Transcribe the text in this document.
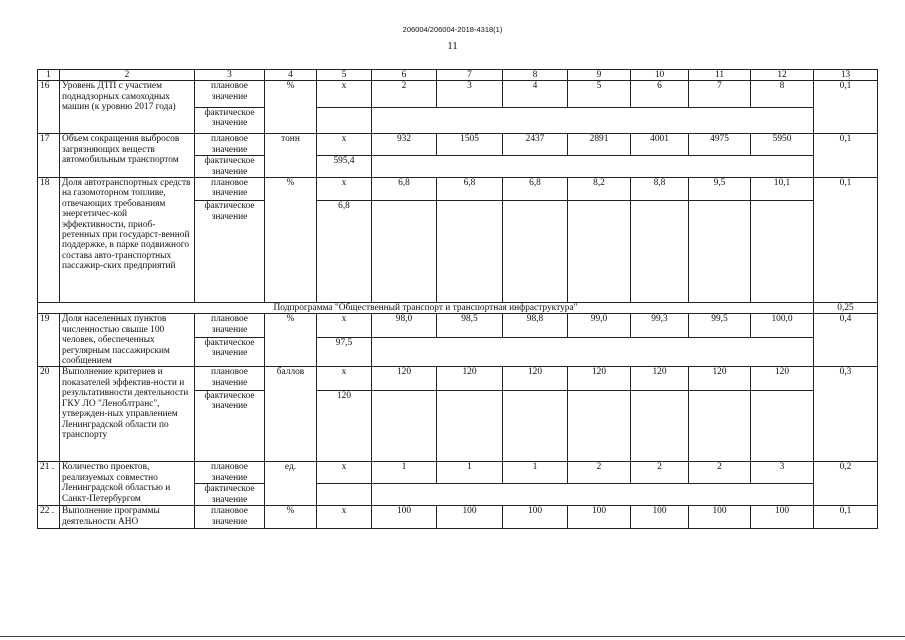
206004/206004-2018-4318(1)
11
1	2	3	4	5	6	7	8	9	10	11	12	13
16	Уровень ДТП с участием поднадзорных самоходных машин (к уровню 2017 года)	плановое значение	%	х	2	3	4	5	6	7	8	0,1
		фактическое значение										
17	Объем сокращения выбросов загрязняющих веществ автомобильным транспортом	плановое значение	тонн	х	932	1505	2437	2891	4001	4975	5950	0,1
		фактическое значение		595,4								
18	Доля автотранспортных средств на газомоторном топливе, отвечающих требованиям энергетичес-кой эффективности, приоб-ретенных при государст-венной поддержке, в парке подвижного состава авто-транспортных пассажир-ских предприятий	плановое значение	%	х	6,8	6,8	6,8	8,2	8,8	9,5	10,1	0,1
		фактическое значение		6,8								
Подпрограмма "Общественный транспорт и транспортная инфраструктура"												0,25
19	Доля населенных пунктов численностью свыше 100 человек, обеспеченных регулярным пассажирским сообщением	плановое значение	%	х	98,0	98,5	98,8	99,0	99,3	99,5	100,0	0,4
		фактическое значение		97,5								
20	Выполнение критериев и показателей эффектив-ности и результативности деятельности ГКУ ЛО "Леноблтранс", утвержден-ных управлением Ленинградской области по транспорту	плановое значение	баллов	х	120	120	120	120	120	120	120	0,3
		фактическое значение		120								
21 .	Количество проектов, реализуемых совместно Ленинградской областью и Санкт-Петербургом	плановое значение	ед.	х	1	1	1	2	2	2	3	0,2
		фактическое значение										
22 .	Выполнение программы деятельности АНО	плановое значение	%	х	100	100	100	100	100	100	100	0,1
